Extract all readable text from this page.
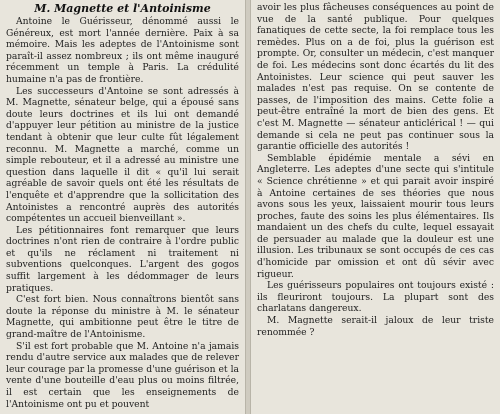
M. Magnette et l'Antoinisme

Antoine le Guérisseur, dénommé aussi le Généreux, est mort l'année dernière. Paix à sa mémoire. Mais les adeptes de l'Antoinisme sont paraît-il assez nombreux ; ils ont même inauguré récemment un temple à Paris. La crédulité humaine n'a pas de frontière.

Les successeurs d'Antoine se sont adressés à M. Magnette, sénateur belge, qui a épousé sans doute leurs doctrines et ils lui ont demandé d'appuyer leur pétition au ministre de la justice tendant à obtenir que leur culte fût légalement reconnu. M. Magnette a marché, comme un simple rebouteur, et il a adressé au ministre une question dans laquelle il dit « qu'il lui serait agréable de savoir quels ont été les résultats de l'enquête et d'apprendre que la sollicitation des Antoinistes a rencontré auprès des autorités compétentes un accueil bienveillant ».

Les pétitionnaires font remarquer que leurs doctrines n'ont rien de contraire à l'ordre public et qu'ils ne réclament ni traitement ni subventions quelconques. L'argent des gogos suffit largement à les dédommager de leurs pratiques.

C'est fort bien. Nous connaîtrons bientôt sans doute la réponse du ministre à M. le sénateur Magnette, qui ambitionne peut être le titre de grand-maître de l'Antoinisme.

S'il est fort probable que M. Antoine n'a jamais rendu d'autre service aux malades que de relever leur courage par la promesse d'une guérison et la vente d'une bouteille d'eau plus ou moins filtrée, il est certain que les enseignements de l'Antoinisme ont pu et pouvent

avoir les plus fâcheuses conséquences au point de vue de la santé publique. Pour quelques fanatiques de cette secte, la foi remplace tous les remèdes. Plus on a de foi, plus la guérison est prompte. Or, consulter un médecin, c'est manquer de foi. Les médecins sont donc écartés du lit des Antoinistes. Leur science qui peut sauver les malades n'est pas requise. On se contente de passes, de l'imposition des mains. Cette folie a peut-être entraîné la mort de bien des gens. Et c'est M. Magnette — sénateur anticlérical ! — qui demande si cela ne peut pas continuer sous la garantie officielle des autorités !

Semblable épidémie mentale a sévi en Angleterre. Les adeptes d'une secte qui s'intitule « Science chrétienne » et qui parait avoir inspiré à Antoine certaines de ses théories que nous avons sous les yeux, laissaient mourir tous leurs proches, faute des soins les plus élémentaires. Ils mandaient un des chefs du culte, lequel essayait de persuader au malade que la douleur est une illusion. Les tribunaux se sont occupés de ces cas d'homicide par omission et ont dû sévir avec rigueur.

Les guérisseurs populaires ont toujours existé : ils fleuriront toujours. La plupart sont des charlatans dangereux.

M. Magnette serait-il jaloux de leur triste renommée ?
